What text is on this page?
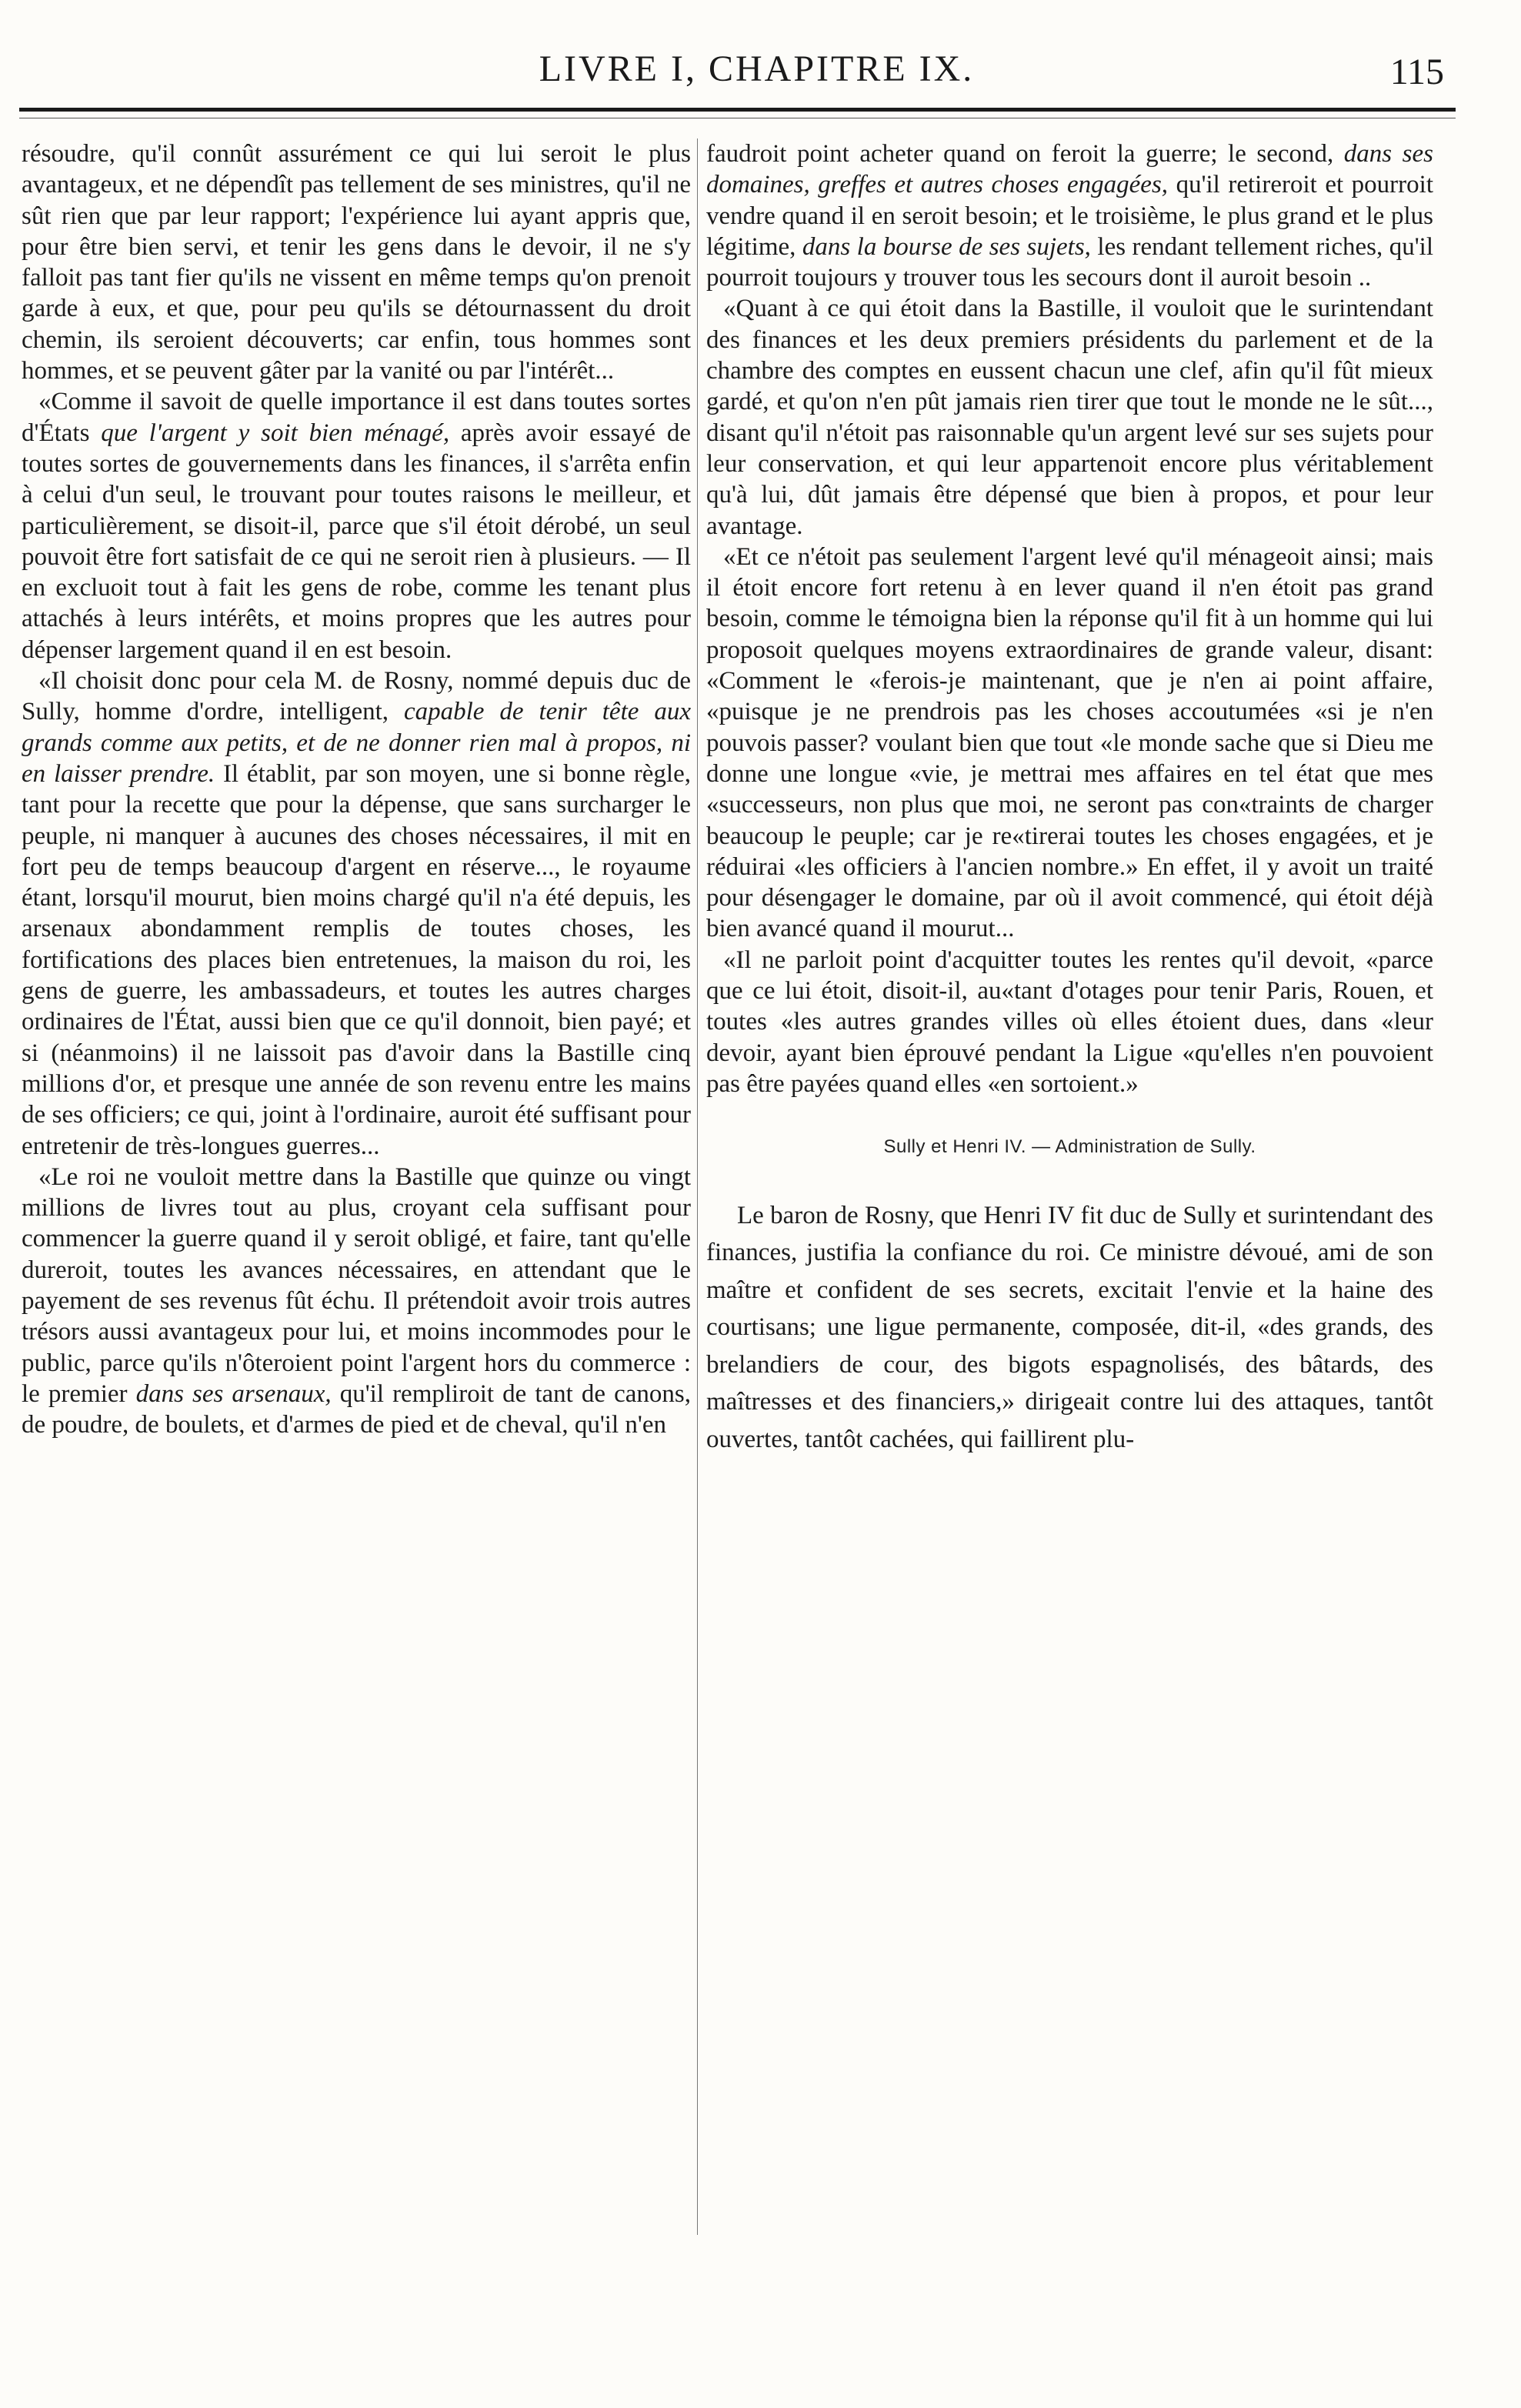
LIVRE I, CHAPITRE IX.	115

résoudre, qu'il connût assurément ce qui lui seroit le plus avantageux, et ne dépendît pas tellement de ses ministres, qu'il ne sût rien que par leur rapport; l'expérience lui ayant appris que, pour être bien servi, et tenir les gens dans le devoir, il ne s'y falloit pas tant fier qu'ils ne vissent en même temps qu'on prenoit garde à eux, et que, pour peu qu'ils se détournassent du droit chemin, ils seroient découverts; car enfin, tous hommes sont hommes, et se peuvent gâter par la vanité ou par l'intérêt...

«Comme il savoit de quelle importance il est dans toutes sortes d'États que l'argent y soit bien ménagé, après avoir essayé de toutes sortes de gouvernements dans les finances, il s'arrêta enfin à celui d'un seul, le trouvant pour toutes raisons le meilleur, et particulièrement, se disoit-il, parce que s'il étoit dérobé, un seul pouvoit être fort satisfait de ce qui ne seroit rien à plusieurs. — Il en excluoit tout à fait les gens de robe, comme les tenant plus attachés à leurs intérêts, et moins propres que les autres pour dépenser largement quand il en est besoin.

«Il choisit donc pour cela M. de Rosny, nommé depuis duc de Sully, homme d'ordre, intelligent, capable de tenir tête aux grands comme aux petits, et de ne donner rien mal à propos, ni en laisser prendre. Il établit, par son moyen, une si bonne règle, tant pour la recette que pour la dépense, que sans surcharger le peuple, ni manquer à aucunes des choses nécessaires, il mit en fort peu de temps beaucoup d'argent en réserve..., le royaume étant, lorsqu'il mourut, bien moins chargé qu'il n'a été depuis, les arsenaux abondamment remplis de toutes choses, les fortifications des places bien entretenues, la maison du roi, les gens de guerre, les ambassadeurs, et toutes les autres charges ordinaires de l'État, aussi bien que ce qu'il donnoit, bien payé; et si (néanmoins) il ne laissoit pas d'avoir dans la Bastille cinq millions d'or, et presque une année de son revenu entre les mains de ses officiers; ce qui, joint à l'ordinaire, auroit été suffisant pour entretenir de très-longues guerres...

«Le roi ne vouloit mettre dans la Bastille que quinze ou vingt millions de livres tout au plus, croyant cela suffisant pour commencer la guerre quand il y seroit obligé, et faire, tant qu'elle dureroit, toutes les avances nécessaires, en attendant que le payement de ses revenus fût échu. Il prétendoit avoir trois autres trésors aussi avantageux pour lui, et moins incommodes pour le public, parce qu'ils n'ôteroient point l'argent hors du commerce : le premier dans ses arsenaux, qu'il rempliroit de tant de canons, de poudre, de boulets, et d'armes de pied et de cheval, qu'il n'en

faudroit point acheter quand on feroit la guerre; le second, dans ses domaines, greffes et autres choses engagées, qu'il retireroit et pourroit vendre quand il en seroit besoin; et le troisième, le plus grand et le plus légitime, dans la bourse de ses sujets, les rendant tellement riches, qu'il pourroit toujours y trouver tous les secours dont il auroit besoin ..

«Quant à ce qui étoit dans la Bastille, il vouloit que le surintendant des finances et les deux premiers présidents du parlement et de la chambre des comptes en eussent chacun une clef, afin qu'il fût mieux gardé, et qu'on n'en pût jamais rien tirer que tout le monde ne le sût..., disant qu'il n'étoit pas raisonnable qu'un argent levé sur ses sujets pour leur conservation, et qui leur appartenoit encore plus véritablement qu'à lui, dût jamais être dépensé que bien à propos, et pour leur avantage.

«Et ce n'étoit pas seulement l'argent levé qu'il ménageoit ainsi; mais il étoit encore fort retenu à en lever quand il n'en étoit pas grand besoin, comme le témoigna bien la réponse qu'il fit à un homme qui lui proposoit quelques moyens extraordinaires de grande valeur, disant: «Comment le «ferois-je maintenant, que je n'en ai point affaire, «puisque je ne prendrois pas les choses accoutumées «si je n'en pouvois passer? voulant bien que tout «le monde sache que si Dieu me donne une longue «vie, je mettrai mes affaires en tel état que mes «successeurs, non plus que moi, ne seront pas con«traints de charger beaucoup le peuple; car je re«tirerai toutes les choses engagées, et je réduirai «les officiers à l'ancien nombre.» En effet, il y avoit un traité pour désengager le domaine, par où il avoit commencé, qui étoit déjà bien avancé quand il mourut...

«Il ne parloit point d'acquitter toutes les rentes qu'il devoit, «parce que ce lui étoit, disoit-il, au«tant d'otages pour tenir Paris, Rouen, et toutes «les autres grandes villes où elles étoient dues, dans «leur devoir, ayant bien éprouvé pendant la Ligue «qu'elles n'en pouvoient pas être payées quand elles «en sortoient.»

Sully et Henri IV. — Administration de Sully.

Le baron de Rosny, que Henri IV fit duc de Sully et surintendant des finances, justifia la confiance du roi. Ce ministre dévoué, ami de son maître et confident de ses secrets, excitait l'envie et la haine des courtisans; une ligue permanente, composée, dit-il, «des grands, des brelandiers de cour, des bigots espagnolisés, des bâtards, des maîtresses et des financiers,» dirigeait contre lui des attaques, tantôt ouvertes, tantôt cachées, qui faillirent plu-
